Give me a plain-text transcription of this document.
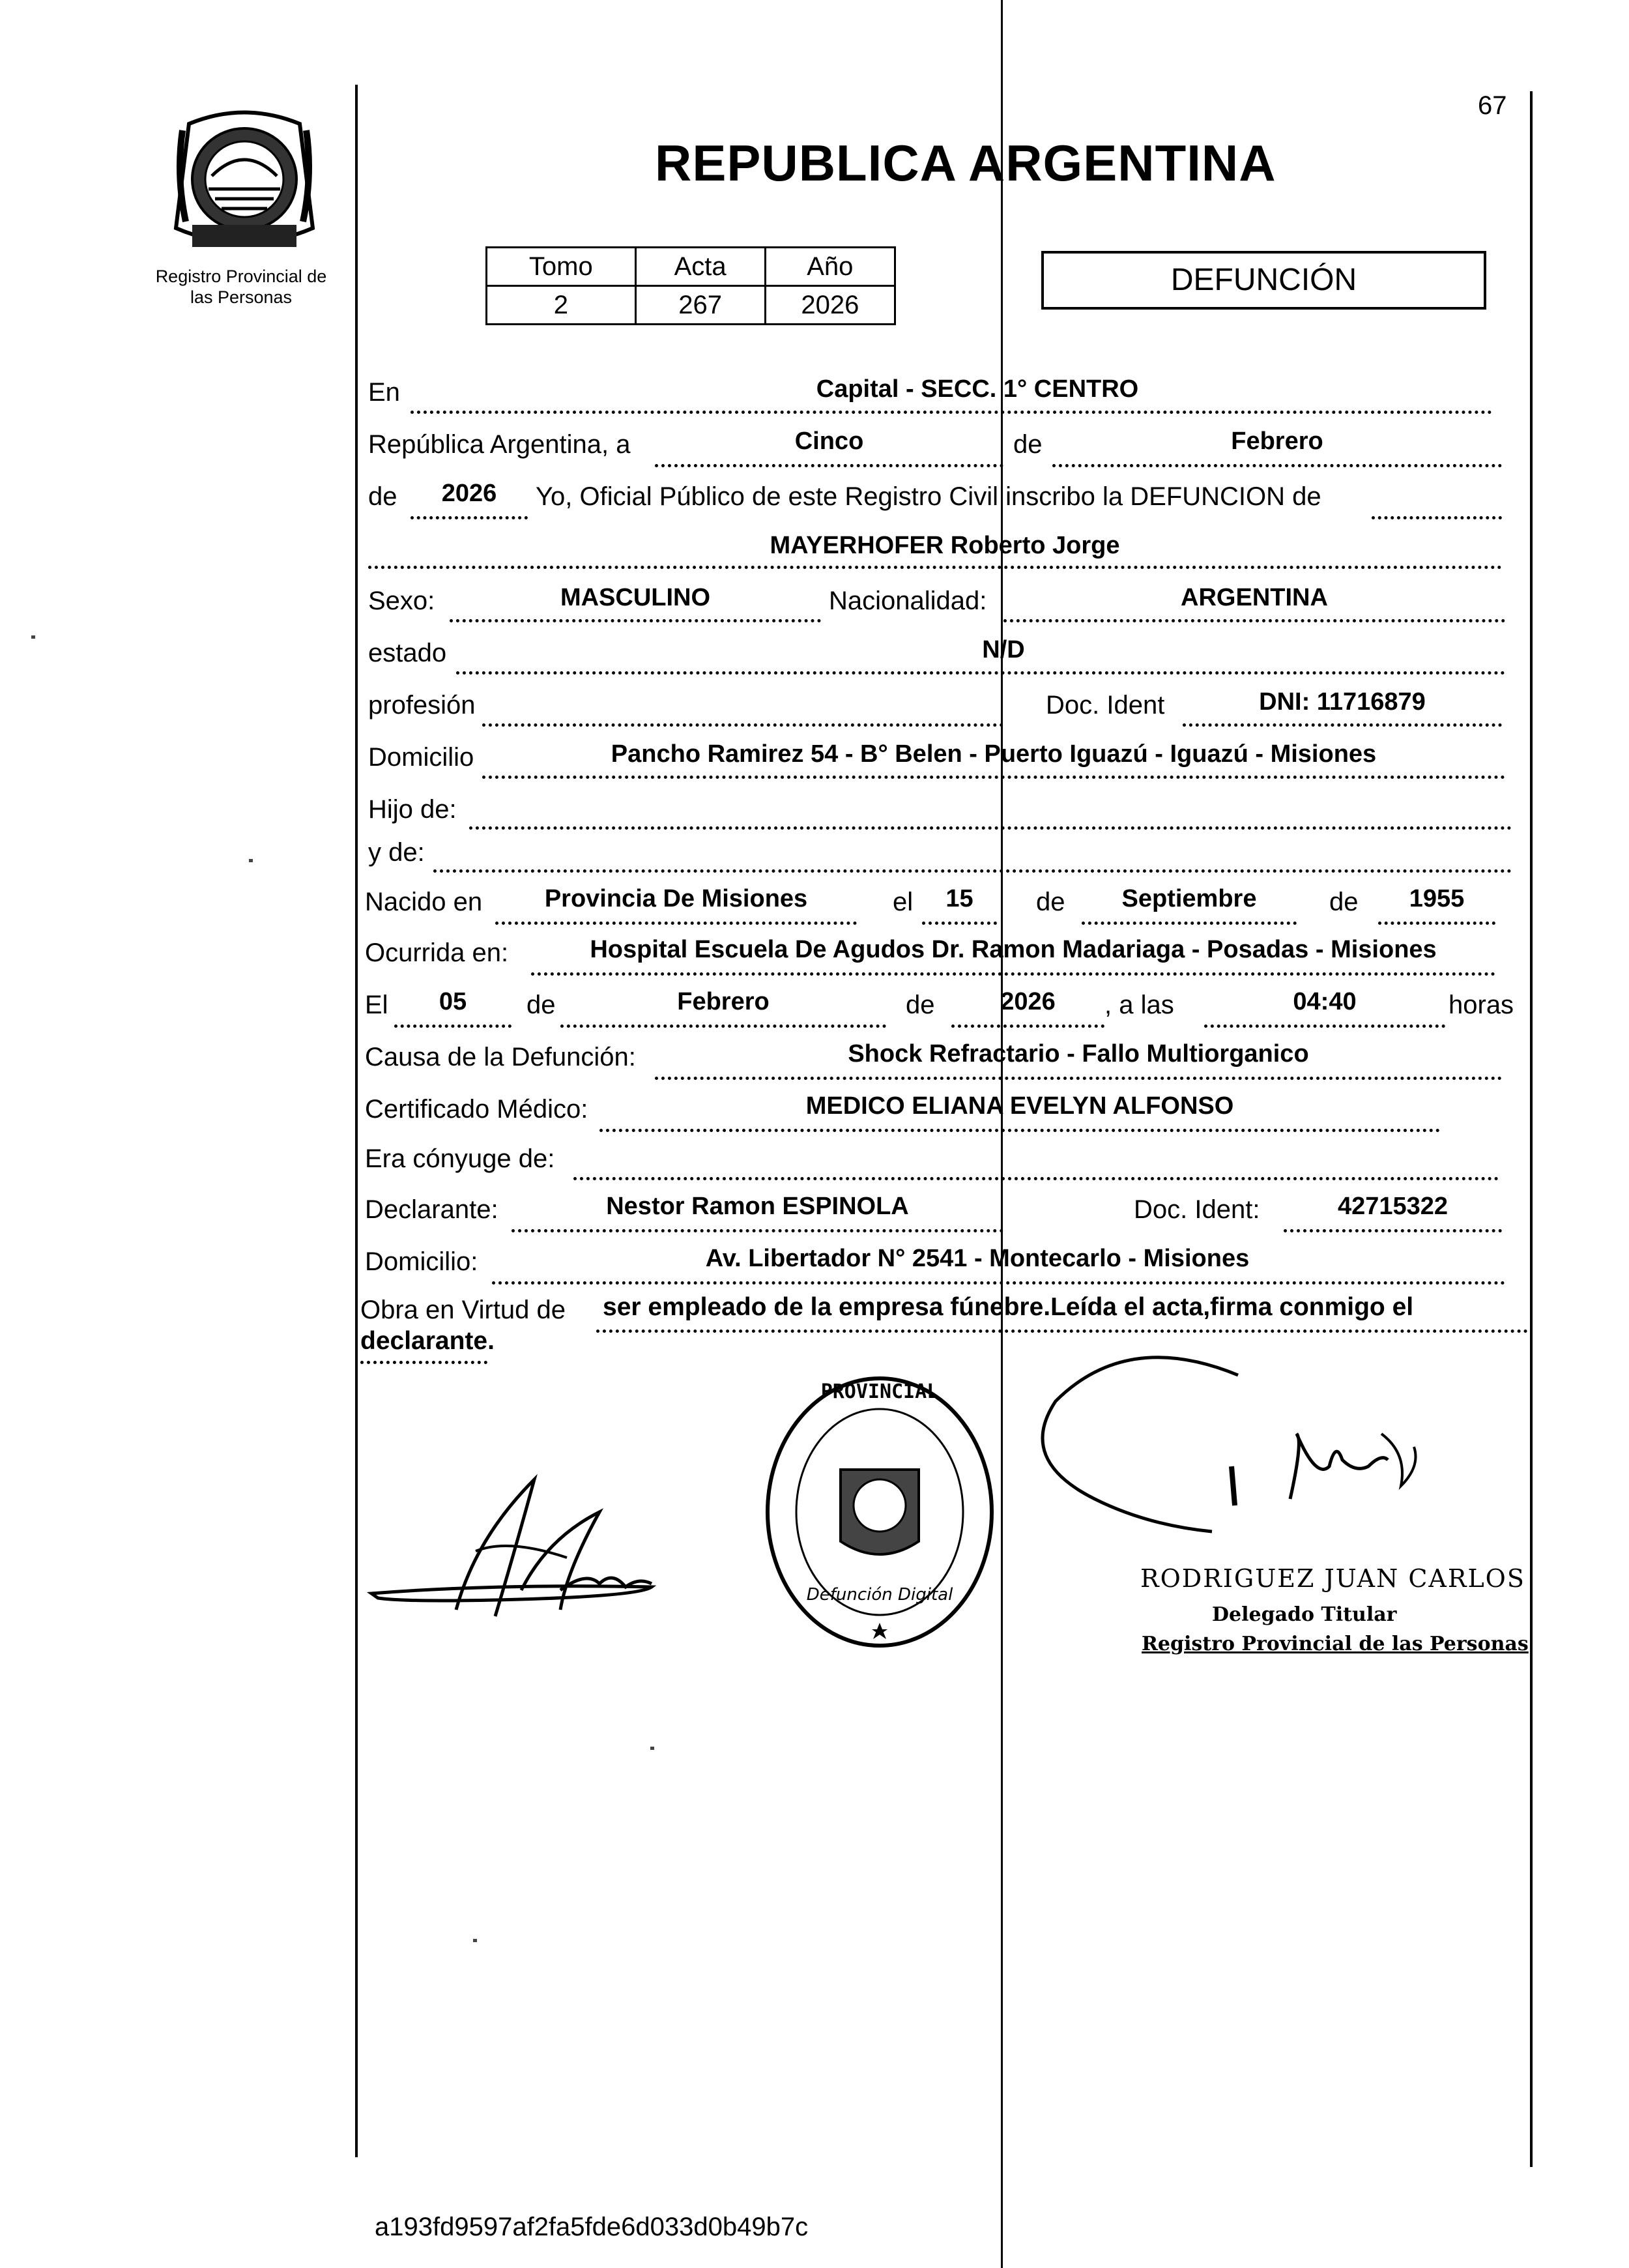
67
Registro Provincial de
las Personas
REPUBLICA ARGENTINA
Tomo	Acta	Año
2	267	2026
DEFUNCIÓN
En	Capital - SECC. 1° CENTRO
República Argentina, a	Cinco	de	Febrero
de	2026	Yo, Oficial Público de este Registro Civil inscribo la DEFUNCION de
MAYERHOFER Roberto Jorge
Sexo:	MASCULINO	Nacionalidad:	ARGENTINA
estado	N/D
profesión	Doc. Ident	DNI: 11716879
Domicilio	Pancho Ramirez 54 - B° Belen - Puerto Iguazú - Iguazú - Misiones
Hijo de:
y de:
Nacido en	Provincia De Misiones	el	15	de	Septiembre	de	1955
Ocurrida en:	Hospital Escuela De Agudos Dr. Ramon Madariaga - Posadas - Misiones
El	05	de	Febrero	de	2026	, a las	04:40	horas
Causa de la Defunción:	Shock Refractario - Fallo Multiorganico
Certificado Médico:	MEDICO ELIANA EVELYN ALFONSO
Era cónyuge de:
Declarante:	Nestor Ramon ESPINOLA	Doc. Ident:	42715322
Domicilio:	Av. Libertador N° 2541 - Montecarlo - Misiones
Obra en Virtud de ser empleado de la empresa fúnebre.Leída el acta,firma conmigo el
declarante.
PROVINCIAL
Defunción Digital
RODRIGUEZ JUAN CARLOS
Delegado Titular
Registro Provincial de las Personas
a193fd9597af2fa5fde6d033d0b49b7c
